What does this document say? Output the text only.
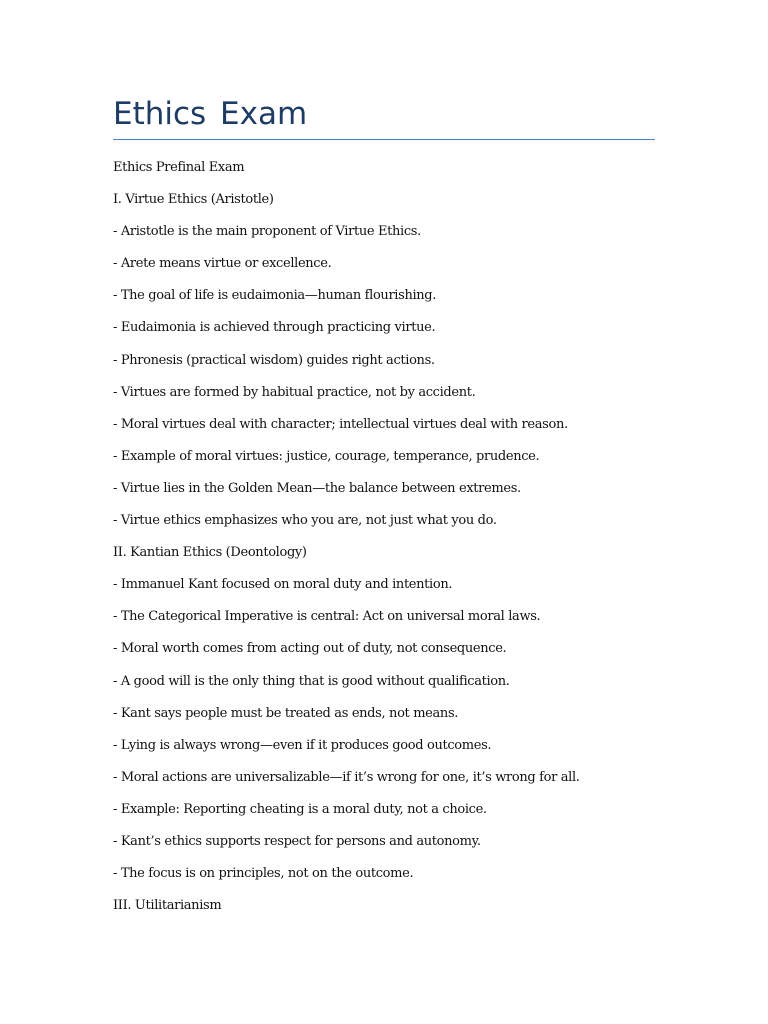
Ethics Exam
Ethics Prefinal Exam
I. Virtue Ethics (Aristotle)
- Aristotle is the main proponent of Virtue Ethics.
- Arete means virtue or excellence.
- The goal of life is eudaimonia—human flourishing.
- Eudaimonia is achieved through practicing virtue.
- Phronesis (practical wisdom) guides right actions.
- Virtues are formed by habitual practice, not by accident.
- Moral virtues deal with character; intellectual virtues deal with reason.
- Example of moral virtues: justice, courage, temperance, prudence.
- Virtue lies in the Golden Mean—the balance between extremes.
- Virtue ethics emphasizes who you are, not just what you do.
II. Kantian Ethics (Deontology)
- Immanuel Kant focused on moral duty and intention.
- The Categorical Imperative is central: Act on universal moral laws.
- Moral worth comes from acting out of duty, not consequence.
- A good will is the only thing that is good without qualification.
- Kant says people must be treated as ends, not means.
- Lying is always wrong—even if it produces good outcomes.
- Moral actions are universalizable—if it’s wrong for one, it’s wrong for all.
- Example: Reporting cheating is a moral duty, not a choice.
- Kant’s ethics supports respect for persons and autonomy.
- The focus is on principles, not on the outcome.
III. Utilitarianism
